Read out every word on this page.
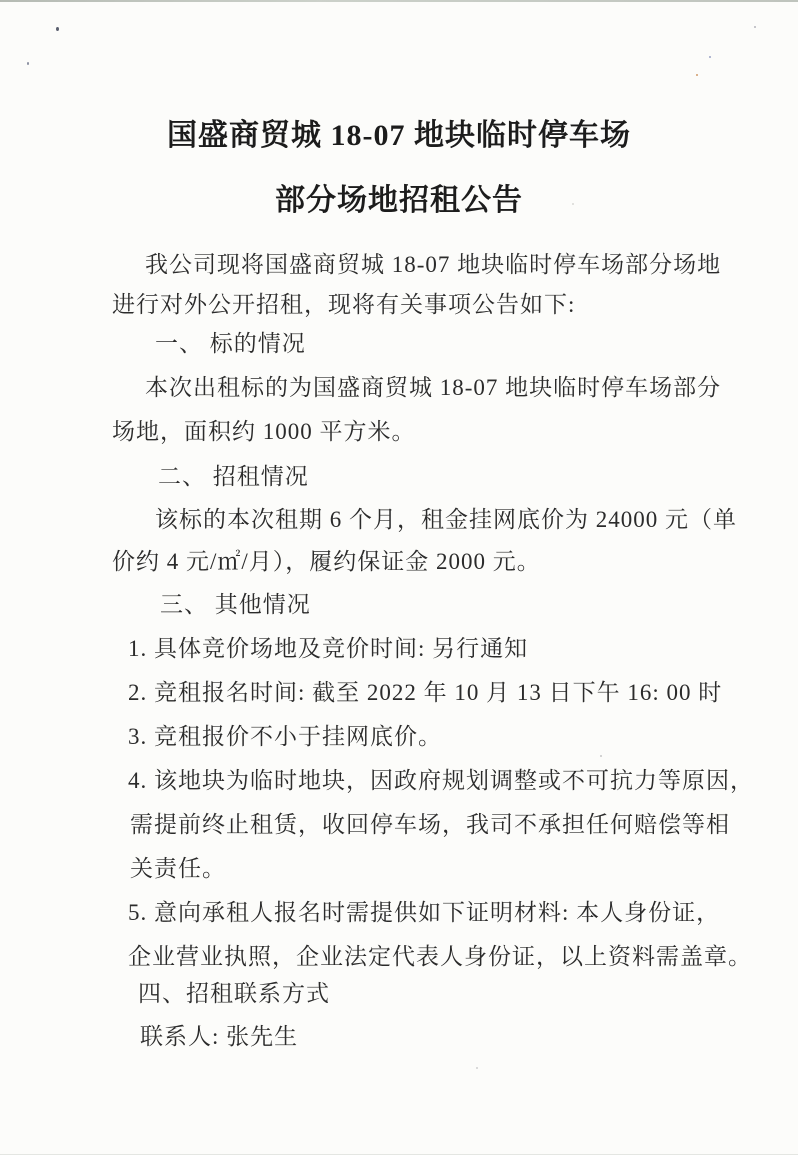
国盛商贸城 18-07 地块临时停车场
部分场地招租公告
我公司现将国盛商贸城 18-07 地块临时停车场部分场地
进行对外公开招租，现将有关事项公告如下:
一、 标的情况
本次出租标的为国盛商贸城 18-07 地块临时停车场部分
场地，面积约 1000 平方米。
二、 招租情况
该标的本次租期 6 个月，租金挂网底价为 24000 元（单
价约 4 元/㎡/月），履约保证金 2000 元。
三、 其他情况
1. 具体竞价场地及竞价时间: 另行通知
2. 竞租报名时间: 截至 2022 年 10 月 13 日下午 16: 00 时
3. 竞租报价不小于挂网底价。
4. 该地块为临时地块，因政府规划调整或不可抗力等原因，
需提前终止租赁，收回停车场，我司不承担任何赔偿等相
关责任。
5. 意向承租人报名时需提供如下证明材料: 本人身份证，
企业营业执照，企业法定代表人身份证，以上资料需盖章。
四、招租联系方式
联系人: 张先生
